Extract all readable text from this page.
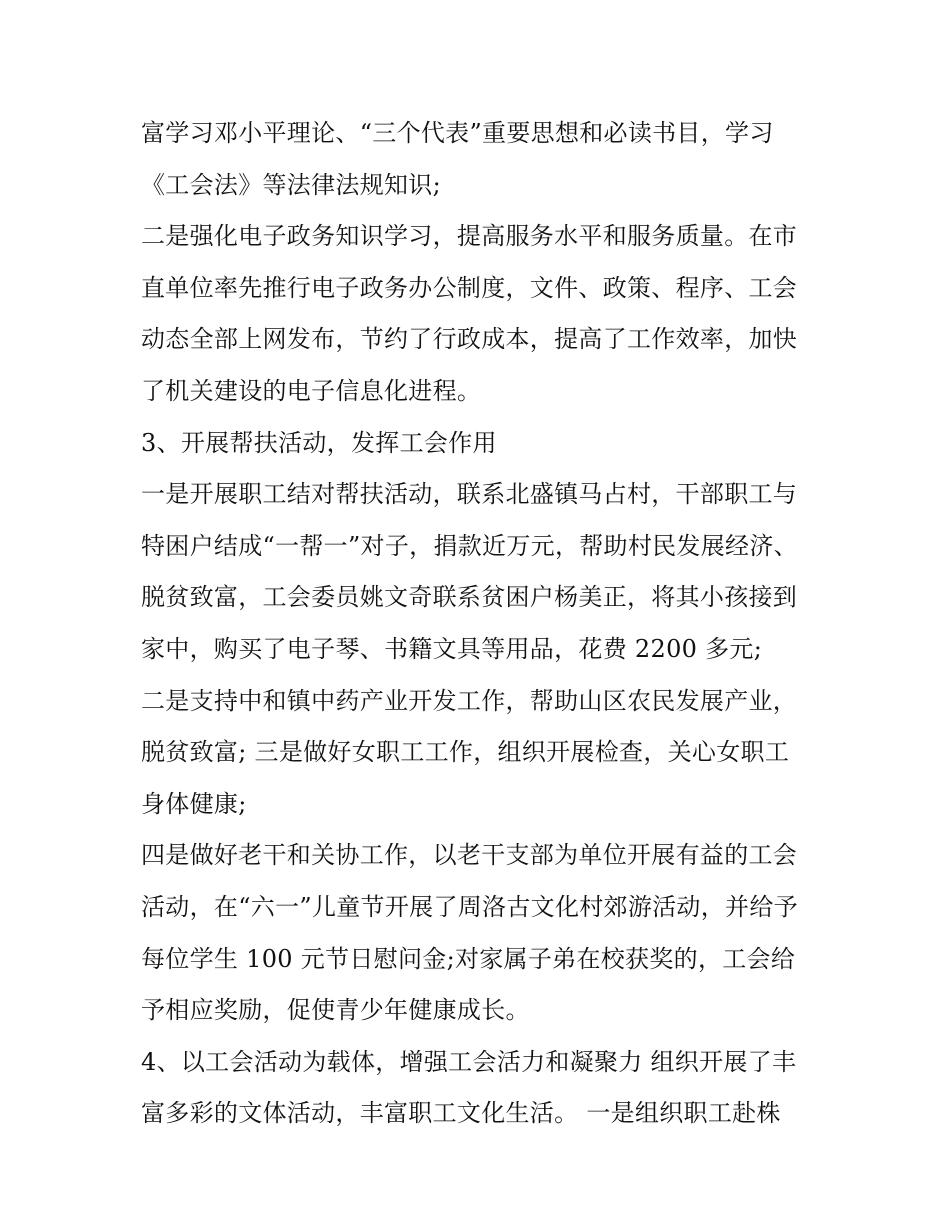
富学习邓小平理论、“三个代表”重要思想和必读书目，学习
《工会法》等法律法规知识;
二是强化电子政务知识学习，提高服务水平和服务质量。在市
直单位率先推行电子政务办公制度，文件、政策、程序、工会
动态全部上网发布，节约了行政成本，提高了工作效率，加快
了机关建设的电子信息化进程。
3、开展帮扶活动，发挥工会作用
一是开展职工结对帮扶活动，联系北盛镇马占村，干部职工与
特困户结成“一帮一”对子，捐款近万元，帮助村民发展经济、
脱贫致富，工会委员姚文奇联系贫困户杨美正，将其小孩接到
家中，购买了电子琴、书籍文具等用品，花费 2200 多元;
二是支持中和镇中药产业开发工作，帮助山区农民发展产业，
脱贫致富; 三是做好女职工工作，组织开展检查，关心女职工
身体健康;
四是做好老干和关协工作，以老干支部为单位开展有益的工会
活动，在“六一”儿童节开展了周洛古文化村郊游活动，并给予
每位学生 100 元节日慰问金;对家属子弟在校获奖的，工会给
予相应奖励，促使青少年健康成长。
4、以工会活动为载体，增强工会活力和凝聚力 组织开展了丰
富多彩的文体活动，丰富职工文化生活。 一是组织职工赴株
